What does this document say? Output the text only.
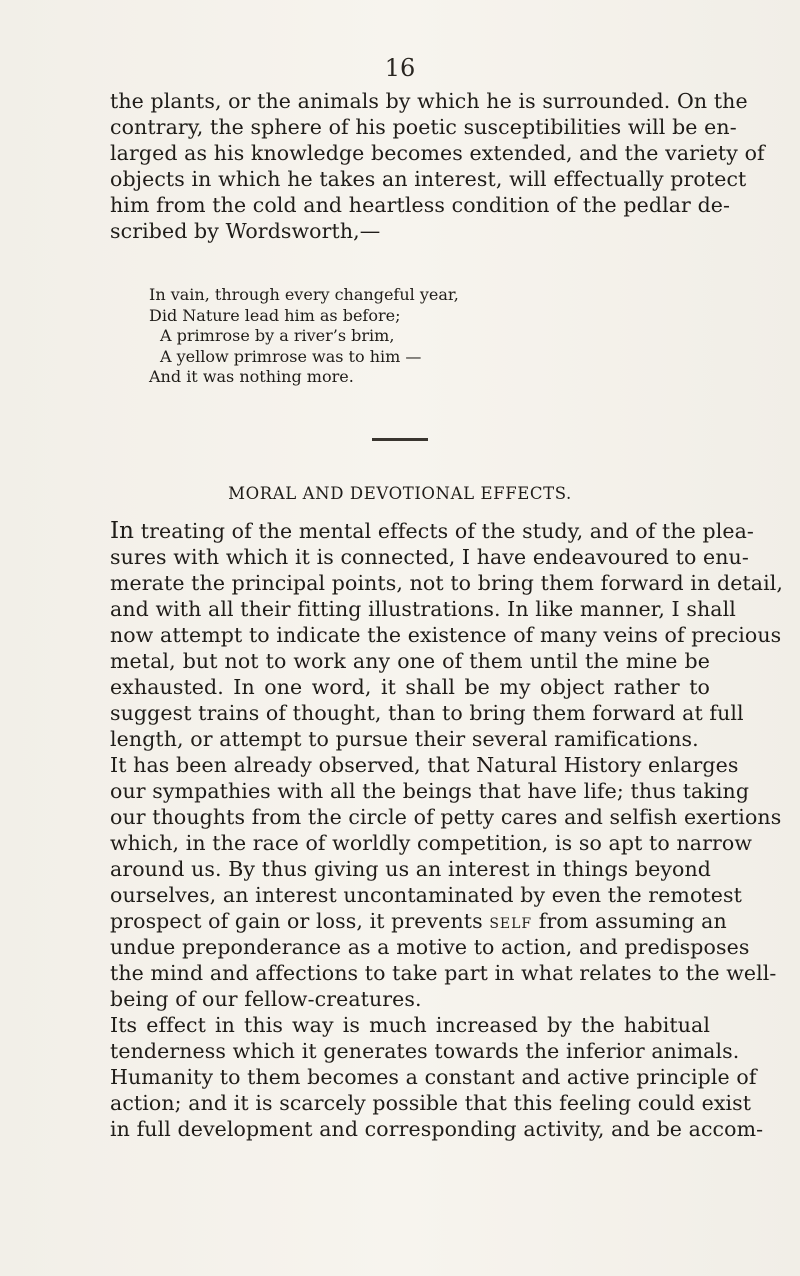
16
the plants, or the animals by which he is surrounded. On the
contrary, the sphere of his poetic susceptibilities will be en-
larged as his knowledge becomes extended, and the variety of
objects in which he takes an interest, will effectually protect
him from the cold and heartless condition of the pedlar de-
scribed by Wordsworth,—
In vain, through every changeful year,
Did Nature lead him as before;
A primrose by a river’s brim,
A yellow primrose was to him —
And it was nothing more.
MORAL AND DEVOTIONAL EFFECTS.
In treating of the mental effects of the study, and of the plea-
sures with which it is connected, I have endeavoured to enu-
merate the principal points, not to bring them forward in detail,
and with all their fitting illustrations. In like manner, I shall
now attempt to indicate the existence of many veins of precious
metal, but not to work any one of them until the mine be
exhausted. In one word, it shall be my object rather to
suggest trains of thought, than to bring them forward at full
length, or attempt to pursue their several ramifications.
It has been already observed, that Natural History enlarges
our sympathies with all the beings that have life; thus taking
our thoughts from the circle of petty cares and selfish exertions
which, in the race of worldly competition, is so apt to narrow
around us. By thus giving us an interest in things beyond
ourselves, an interest uncontaminated by even the remotest
prospect of gain or loss, it prevents self from assuming an
undue preponderance as a motive to action, and predisposes
the mind and affections to take part in what relates to the well-
being of our fellow-creatures.
Its effect in this way is much increased by the habitual
tenderness which it generates towards the inferior animals.
Humanity to them becomes a constant and active principle of
action; and it is scarcely possible that this feeling could exist
in full development and corresponding activity, and be accom-
